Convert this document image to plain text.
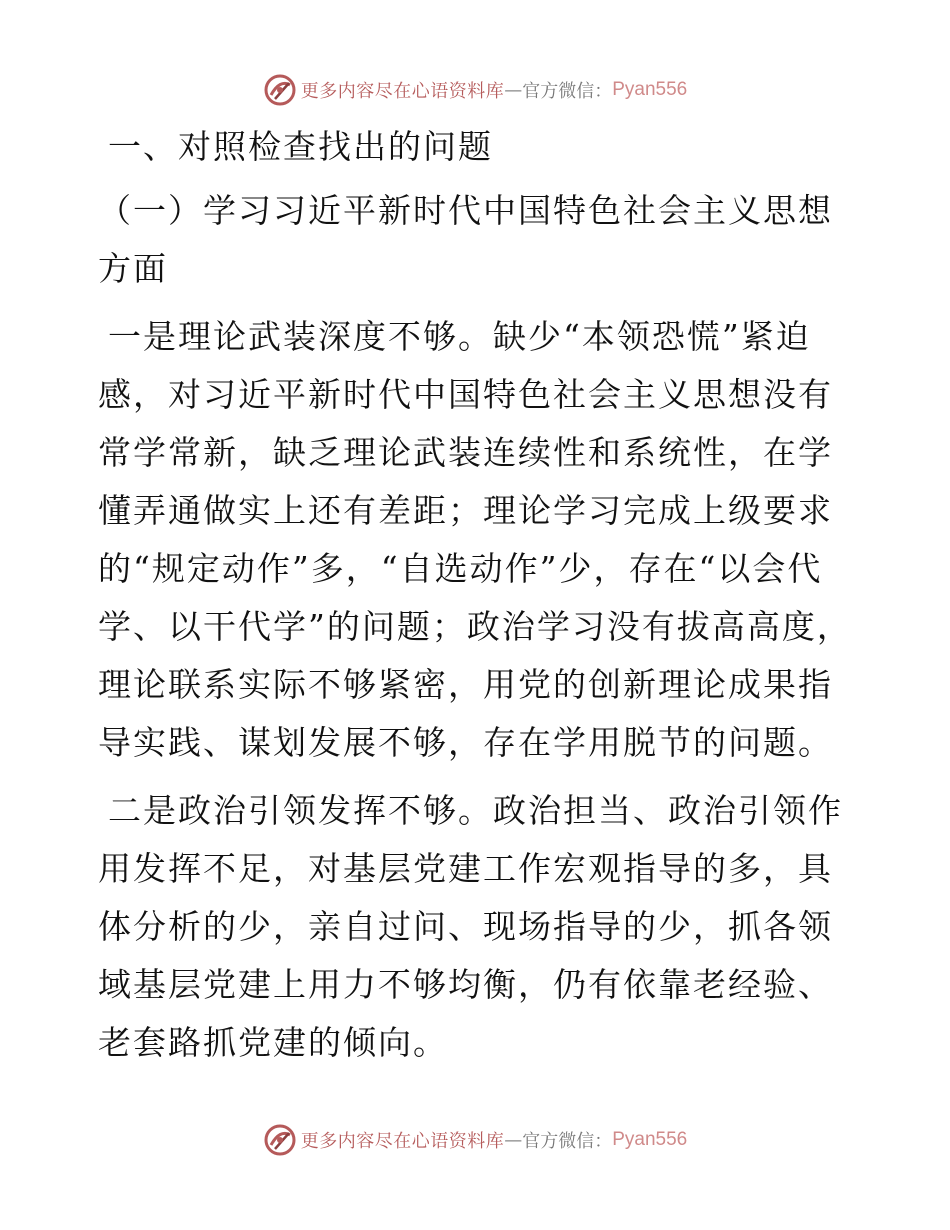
更多内容尽在心语资料库 — 官方微信： Pyan556
一、对照检查找出的问题
（一）学习习近平新时代中国特色社会主义思想方面

一是理论武装深度不够。缺少“本领恐慌”紧迫感，对习近平新时代中国特色社会主义思想没有常学常新，缺乏理论武装连续性和系统性，在学懂弄通做实上还有差距；理论学习完成上级要求的“规定动作”多，“自选动作”少，存在“以会代学、以干代学”的问题；政治学习没有拔高高度，理论联系实际不够紧密，用党的创新理论成果指导实践、谋划发展不够，存在学用脱节的问题。

二是政治引领发挥不够。政治担当、政治引领作用发挥不足，对基层党建工作宏观指导的多，具体分析的少，亲自过问、现场指导的少，抓各领域基层党建上用力不够均衡，仍有依靠老经验、老套路抓党建的倾向。

更多内容尽在心语资料库 — 官方微信： Pyan556
